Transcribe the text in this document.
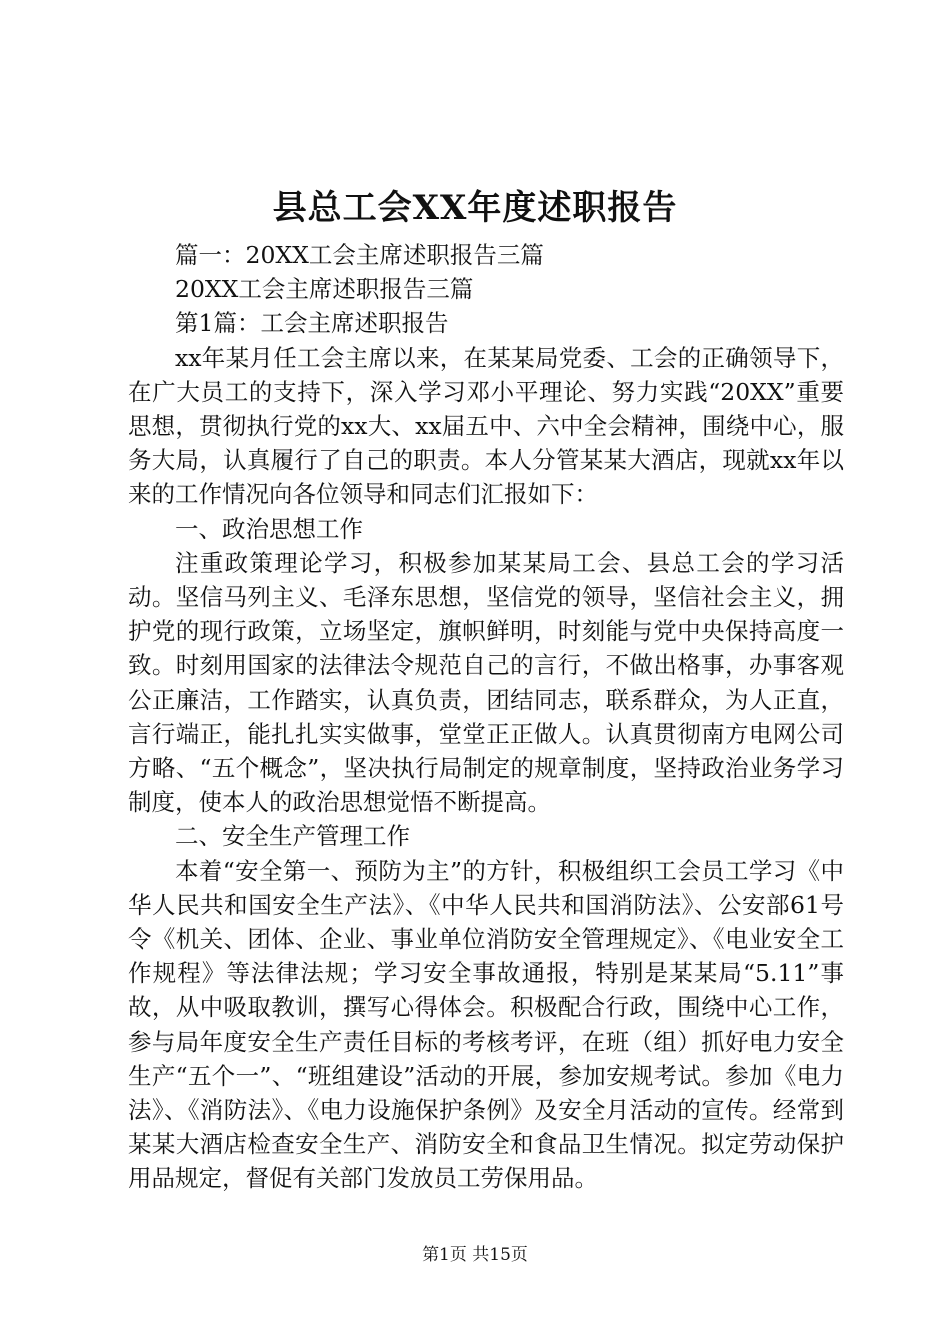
县总工会XX年度述职报告

篇一：20XX工会主席述职报告三篇

20XX工会主席述职报告三篇

第1篇：工会主席述职报告

xx年某月任工会主席以来，在某某局党委、工会的正确领导下，在广大员工的支持下，深入学习邓小平理论、努力实践“20XX”重要思想，贯彻执行党的xx大、xx届五中、六中全会精神，围绕中心，服务大局，认真履行了自己的职责。本人分管某某大酒店，现就xx年以来的工作情况向各位领导和同志们汇报如下：

一、政治思想工作

注重政策理论学习，积极参加某某局工会、县总工会的学习活动。坚信马列主义、毛泽东思想，坚信党的领导，坚信社会主义，拥护党的现行政策，立场坚定，旗帜鲜明，时刻能与党中央保持高度一致。时刻用国家的法律法令规范自己的言行，不做出格事，办事客观公正廉洁，工作踏实，认真负责，团结同志，联系群众，为人正直，言行端正，能扎扎实实做事，堂堂正正做人。认真贯彻南方电网公司方略、“五个概念”，坚决执行局制定的规章制度，坚持政治业务学习制度，使本人的政治思想觉悟不断提高。

二、安全生产管理工作

本着“安全第一、预防为主”的方针，积极组织工会员工学习《中华人民共和国安全生产法》、《中华人民共和国消防法》、公安部61号令《机关、团体、企业、事业单位消防安全管理规定》、《电业安全工作规程》等法律法规；学习安全事故通报，特别是某某局“5.11”事故，从中吸取教训，撰写心得体会。积极配合行政，围绕中心工作，参与局年度安全生产责任目标的考核考评，在班（组）抓好电力安全生产“五个一”、“班组建设”活动的开展，参加安规考试。参加《电力法》、《消防法》、《电力设施保护条例》及安全月活动的宣传。经常到某某大酒店检查安全生产、消防安全和食品卫生情况。拟定劳动保护用品规定，督促有关部门发放员工劳保用品。

第1页 共15页
